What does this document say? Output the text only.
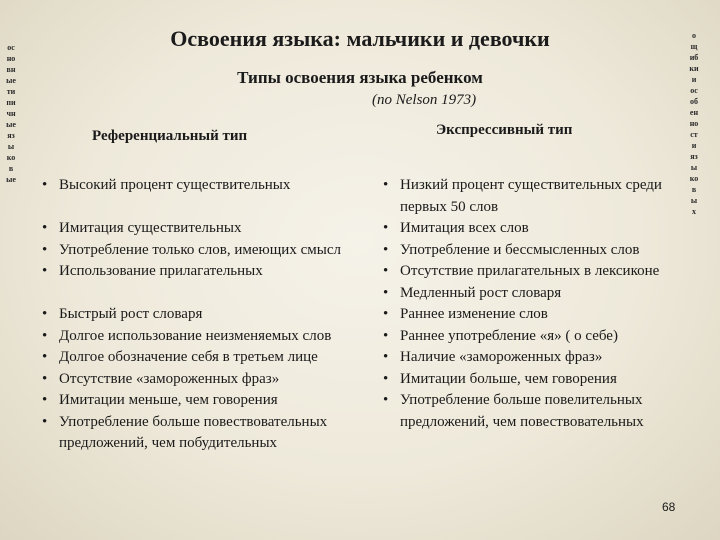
Освоения языка: мальчики и девочки
Типы освоения языка ребенком
(по Nelson 1973)
Референциальный тип	Экспрессивный тип
• Высокий процент существительных
• Имитация существительных
• Употребление только слов, имеющих смысл
• Использование прилагательных
• Быстрый рост словаря
• Долгое использование неизменяемых слов
• Долгое обозначение себя в третьем лице
• Отсутствие «замороженных фраз»
• Имитации меньше, чем говорения
• Употребление больше повествовательных предложений, чем побудительных
• Низкий процент существительных среди первых 50 слов
• Имитация всех слов
• Употребление и бессмысленных слов
• Отсутствие прилагательных в лексиконе
• Медленный рост словаря
• Раннее изменение слов
• Раннее употребление «я» ( о себе)
• Наличие «замороженных фраз»
• Имитации больше, чем говорения
• Употребление больше повелительных предложений, чем повествовательных
основные типичные языковые
ощибки и особенности языковых
68
